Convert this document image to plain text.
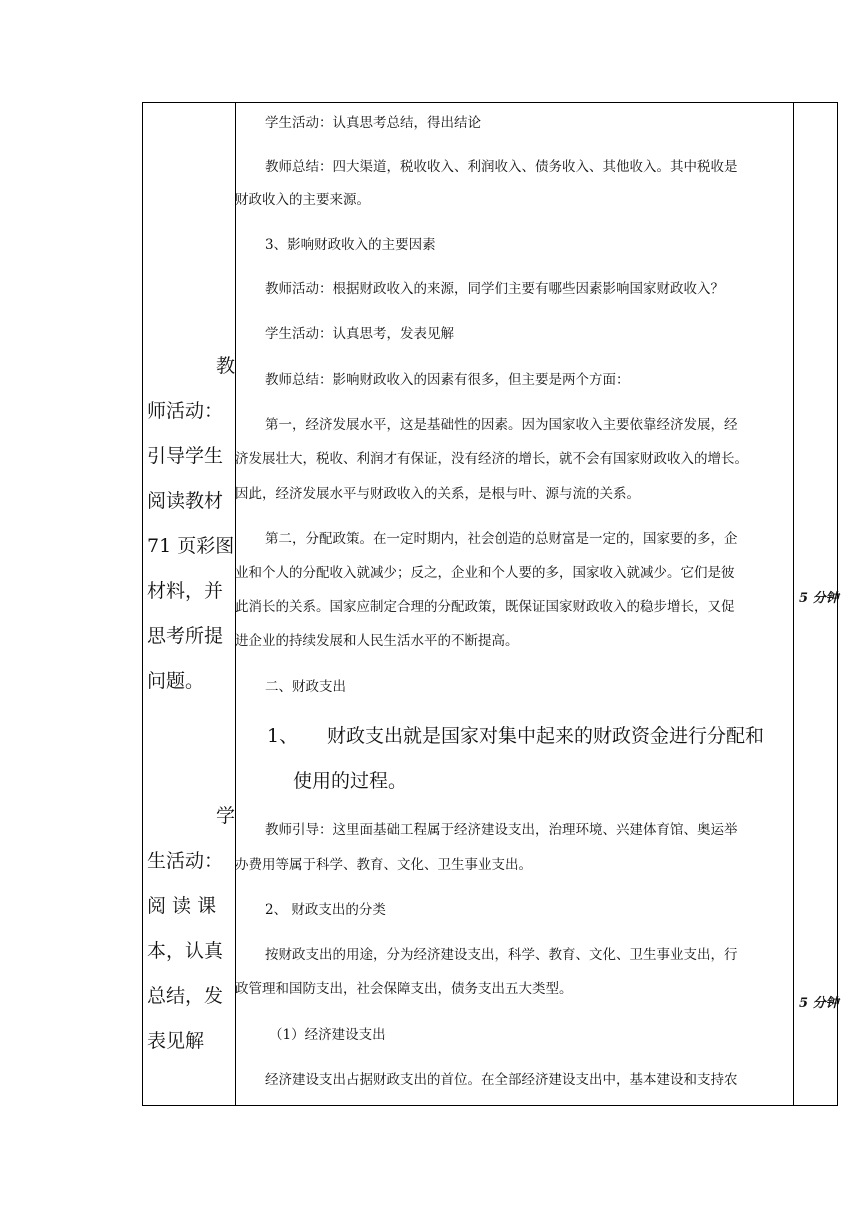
教
师活动：
引导学生
阅读教材
71 页彩图
材料，并
思考所提
问题。
学
生活动：
阅 读 课
本，认真
总结，发
表见解
学生活动：认真思考总结，得出结论
教师总结：四大渠道，税收收入、利润收入、债务收入、其他收入。其中税收是
财政收入的主要来源。
3、影响财政收入的主要因素
教师活动：根据财政收入的来源，同学们主要有哪些因素影响国家财政收入？
学生活动：认真思考，发表见解
教师总结：影响财政收入的因素有很多，但主要是两个方面：
第一，经济发展水平，这是基础性的因素。因为国家收入主要依靠经济发展，经
济发展壮大，税收、利润才有保证，没有经济的增长，就不会有国家财政收入的增长。
因此，经济发展水平与财政收入的关系，是根与叶、源与流的关系。
第二，分配政策。在一定时期内，社会创造的总财富是一定的，国家要的多，企
业和个人的分配收入就减少；反之，企业和个人要的多，国家收入就减少。它们是彼
此消长的关系。国家应制定合理的分配政策，既保证国家财政收入的稳步增长，又促
进企业的持续发展和人民生活水平的不断提高。
二、财政支出
1、 财政支出就是国家对集中起来的财政资金进行分配和
使用的过程。
教师引导：这里面基础工程属于经济建设支出，治理环境、兴建体育馆、奥运举
办费用等属于科学、教育、文化、卫生事业支出。
2、 财政支出的分类
按财政支出的用途，分为经济建设支出，科学、教育、文化、卫生事业支出，行
政管理和国防支出，社会保障支出，债务支出五大类型。
（1）经济建设支出
经济建设支出占据财政支出的首位。在全部经济建设支出中，基本建设和支持农
5 分钟
5 分钟
